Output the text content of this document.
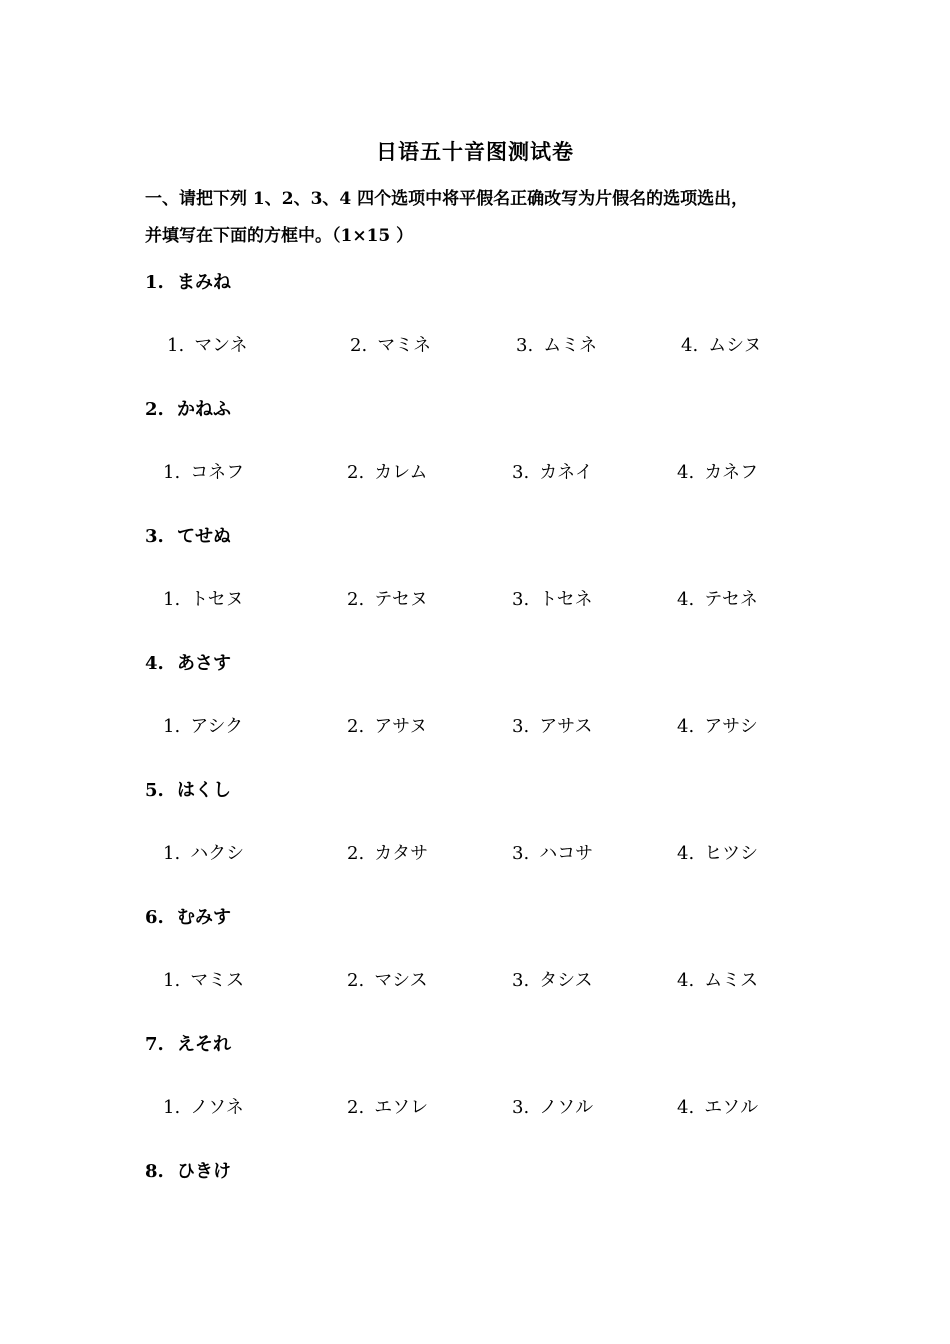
日语五十音图测试卷
一、请把下列 1、2、3、4 四个选项中将平假名正确改写为片假名的选项选出，
并填写在下面的方框中。（1×15 ）
1. まみね
1. マンネ	2. マミネ	3. ムミネ	4. ムシヌ
2. かねふ
1. コネフ	2. カレム	3. カネイ	4. カネフ
3. てせぬ
1. トセヌ	2. テセヌ	3. トセネ	4. テセネ
4. あさす
1. アシク	2. アサヌ	3. アサス	4. アサシ
5. はくし
1. ハクシ	2. カタサ	3. ハコサ	4. ヒツシ
6. むみす
1. マミス	2. マシス	3. タシス	4. ムミス
7. えそれ
1. ノソネ	2. エソレ	3. ノソル	4. エソル
8. ひきけ
